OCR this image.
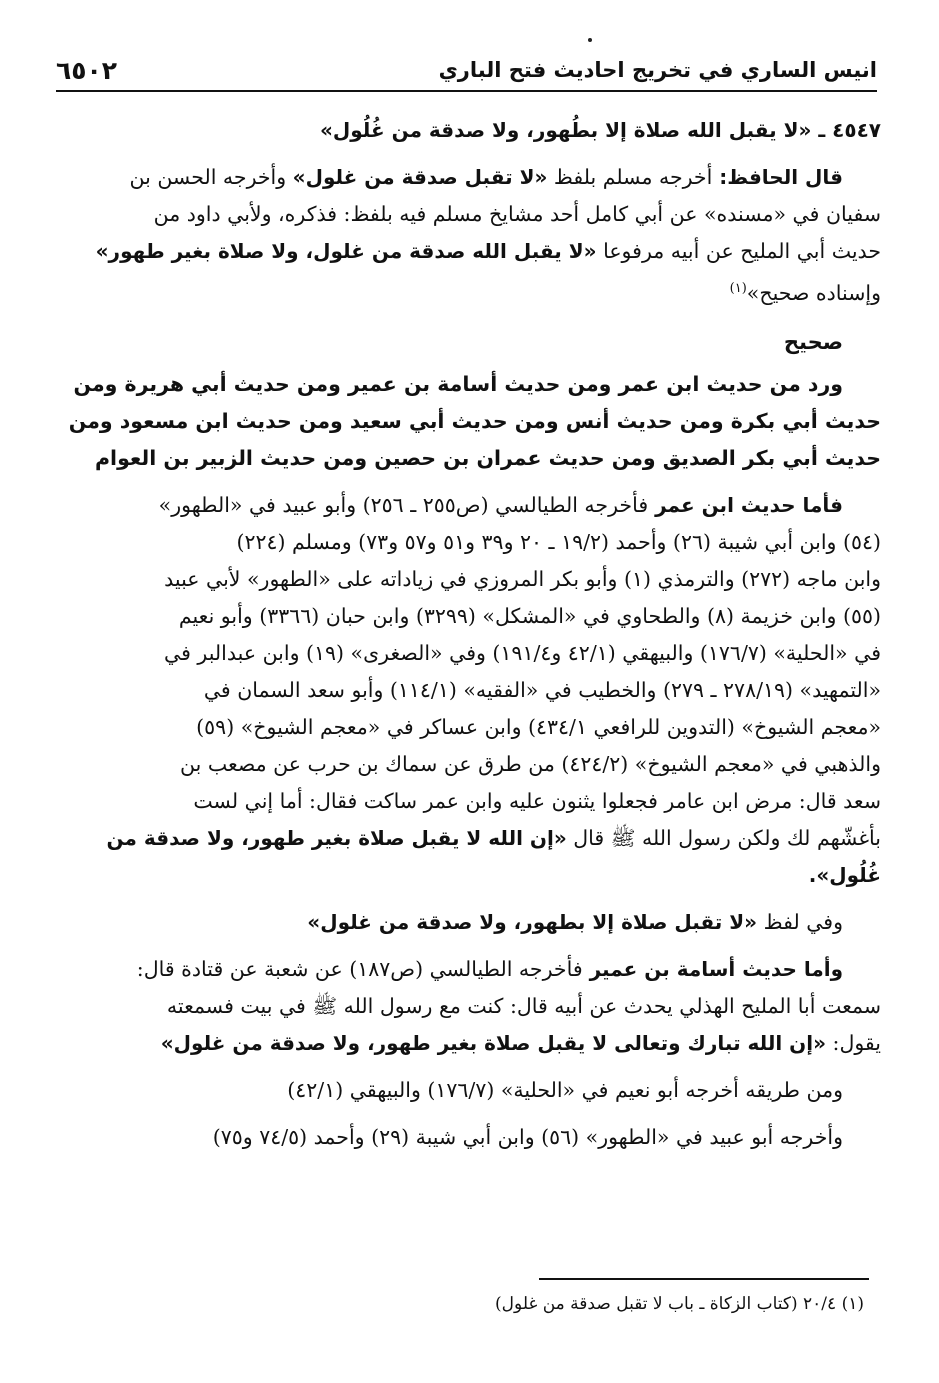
انيس الساري في تخريج احاديث فتح الباري
٦٥٠٢
٤٥٤٧ ـ «لا يقبل الله صلاة إلا بطُهور، ولا صدقة من غُلُول»
قال الحافظ: أخرجه مسلم بلفظ «لا تقبل صدقة من غلول» وأخرجه الحسن بن
سفيان في «مسنده» عن أبي كامل أحد مشايخ مسلم فيه بلفظ: فذكره، ولأبي داود من
حديث أبي المليح عن أبيه مرفوعا «لا يقبل الله صدقة من غلول، ولا صلاة بغير طهور»
وإسناده صحيح»$^{(١)}$
صحيح
ورد من حديث ابن عمر ومن حديث أسامة بن عمير ومن حديث أبي هريرة ومن
حديث أبي بكرة ومن حديث أنس ومن حديث أبي سعيد ومن حديث ابن مسعود ومن
حديث أبي بكر الصديق ومن حديث عمران بن حصين ومن حديث الزبير بن العوام
فأما حديث ابن عمر فأخرجه الطيالسي (ص٢٥٥ ـ ٢٥٦) وأبو عبيد في «الطهور»
(٥٤) وابن أبي شيبة (٢٦) وأحمد (١٩/٢ ـ ٢٠ و٣٩ و٥١ و٥٧ و٧٣) ومسلم (٢٢٤)
وابن ماجه (٢٧٢) والترمذي (١) وأبو بكر المروزي في زياداته على «الطهور» لأبي عبيد
(٥٥) وابن خزيمة (٨) والطحاوي في «المشكل» (٣٢٩٩) وابن حبان (٣٣٦٦) وأبو نعيم
في «الحلية» (١٧٦/٧) والبيهقي (٤٢/١ و١٩١/٤) وفي «الصغرى» (١٩) وابن عبدالبر في
«التمهيد» (٢٧٨/١٩ ـ ٢٧٩) والخطيب في «الفقيه» (١١٤/١) وأبو سعد السمان في
«معجم الشيوخ» (التدوين للرافعي ٤٣٤/١) وابن عساكر في «معجم الشيوخ» (٥٩)
والذهبي في «معجم الشيوخ» (٤٢٤/٢) من طرق عن سماك بن حرب عن مصعب بن
سعد قال: مرض ابن عامر فجعلوا يثنون عليه وابن عمر ساكت فقال: أما إني لست
بأغشّهم لك ولكن رسول الله ﷺ قال «إن الله لا يقبل صلاة بغير طهور، ولا صدقة من
غُلُول».
وفي لفظ «لا تقبل صلاة إلا بطهور، ولا صدقة من غلول»
وأما حديث أسامة بن عمير فأخرجه الطيالسي (ص١٨٧) عن شعبة عن قتادة قال:
سمعت أبا المليح الهذلي يحدث عن أبيه قال: كنت مع رسول الله ﷺ في بيت فسمعته
يقول: «إن الله تبارك وتعالى لا يقبل صلاة بغير طهور، ولا صدقة من غلول»
ومن طريقه أخرجه أبو نعيم في «الحلية» (١٧٦/٧) والبيهقي (٤٢/١)
وأخرجه أبو عبيد في «الطهور» (٥٦) وابن أبي شيبة (٢٩) وأحمد (٧٤/٥ و٧٥)
(١) ٢٠/٤ (كتاب الزكاة ـ باب لا تقبل صدقة من غلول)
